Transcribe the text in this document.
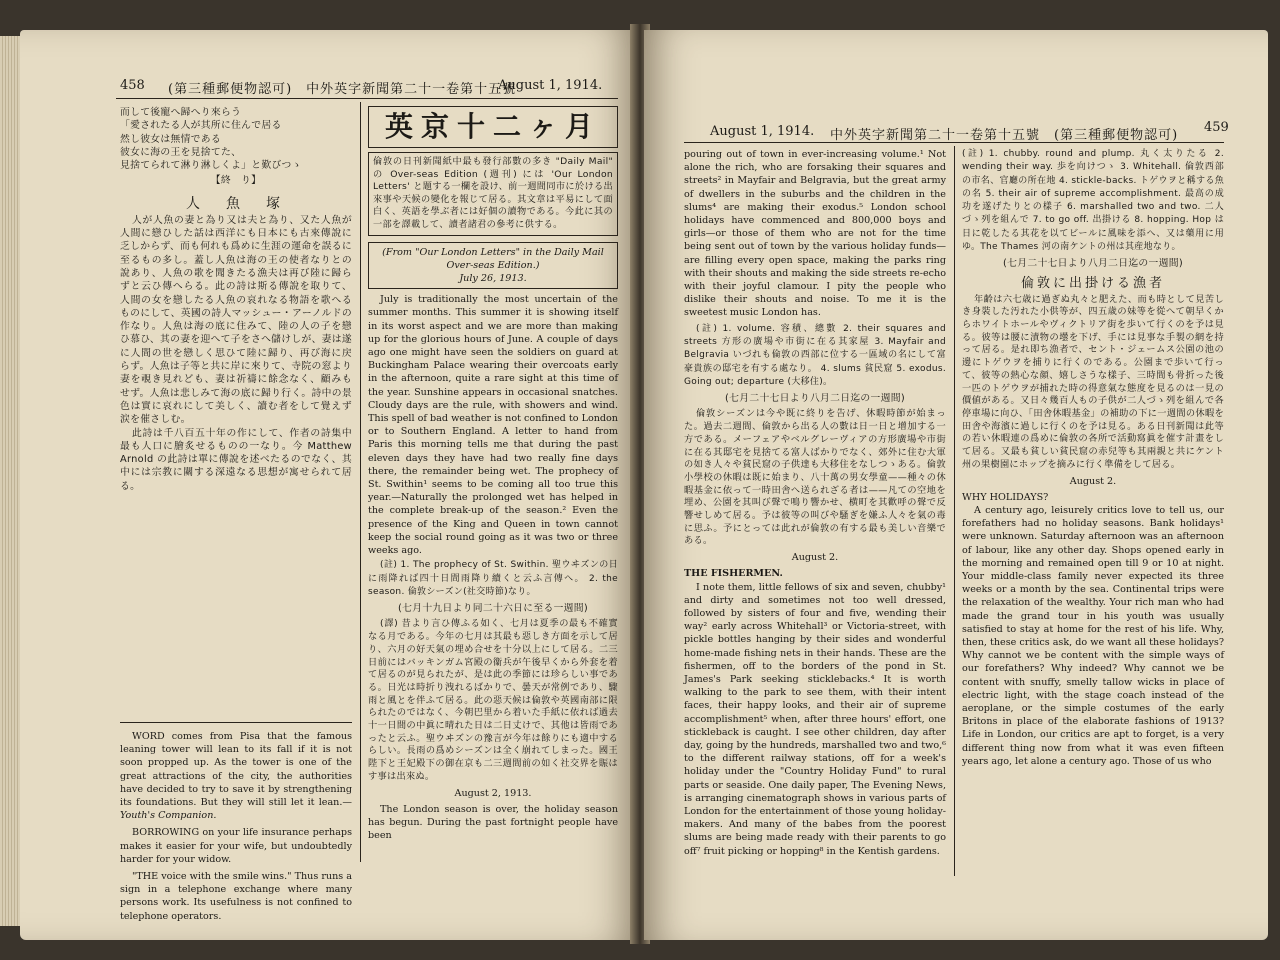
458 (第三種郵便物認可)　中外英字新聞第二十一卷第十五號
August 1, 1914.
而して後寵へ歸へり來らう
「愛されたる人が其所に住んで居る
然し彼女は無情である
彼女に海の王を見捨てた、
見捨てられて淋り淋しくよ」と歎びつゝ
【終　り】
人　魚　塚

人が人魚の妻と為り又は夫と為り、又た人魚が人間に戀ひした話は西洋にも日本にも古來傳說に乏しからず、而も何れも爲めに生涯の運命を誤るに至るもの多し。蓋し人魚は海の王の使者なりとの說あり、人魚の歌を聞きたる漁夫は再び陸に歸らずと云ひ傳へらる。此の詩は斯る傳說を取りて、人間の女を戀したる人魚の哀れなる物語を歌へるものにして、英國の詩人マッシュー・アーノルドの作なり。人魚は海の底に住みて、陸の人の子を戀ひ慕ひ、其の妻を迎へて子をさへ儲けしが、妻は遂に人間の世を戀しく思ひて陸に歸り、再び海に戻らず。人魚は子等と共に岸に來りて、寺院の窓より妻を覗き見れども、妻は祈禱に餘念なく、顧みもせず。人魚は悲しみて海の底に歸り行く。詩中の景色は實に哀れにして美しく、讀む者をして覺えず涙を催さしむ。

此詩は千八百五十年の作にして、作者の詩集中最も人口に膾炙せるものの一なり。今 Matthew Arnold の此詩は單に傳說を述べたるのでなく、其中には宗教に關する深遠なる思想が寓せられて居る。

WORD comes from Pisa that the famous leaning tower will lean to its fall if it is not soon propped up. As the tower is one of the great attractions of the city, the authorities have decided to try to save it by strengthening its foundations. But they will still let it lean.—Youth's Companion.

BORROWING on your life insurance perhaps makes it easier for your wife, but undoubtedly harder for your widow.

"THE voice with the smile wins." Thus runs a sign in a telephone exchange where many persons work. Its usefulness is not confined to telephone operators.

英京十二ヶ月
倫敦の日刊新聞紙中最も發行部數の多き "Daily Mail" の Over-seas Edition (週刊) には 'Our London Letters' と題する一欄を設け、前一週間同市に於ける出來事や天候の變化を報じて居る。其文章は平易にして面白く、英語を學ぶ者には好個の讀物である。今此に其の一部を譯載して、讀者諸君の參考に供する。
(From "Our London Letters" in the Daily Mail
Over-seas Edition.)
July 26, 1913.

July is traditionally the most uncertain of the summer months. This summer it is showing itself in its worst aspect and we are more than making up for the glorious hours of June. A couple of days ago one might have seen the soldiers on guard at Buckingham Palace wearing their overcoats early in the afternoon, quite a rare sight at this time of the year. Sunshine appears in occasional snatches. Cloudy days are the rule, with showers and wind. This spell of bad weather is not confined to London or to Southern England. A letter to hand from Paris this morning tells me that during the past eleven days they have had two really fine days there, the remainder being wet. The prophecy of St. Swithin¹ seems to be coming all too true this year.—Naturally the prolonged wet has helped in the complete break-up of the season.² Even the presence of the King and Queen in town cannot keep the social round going as it was two or three weeks ago.

(註) 1. The prophecy of St. Swithin. 聖ウヰズンの日に雨降れば四十日間雨降り續くと云ふ言傳へ。 2. the season. 倫敦シーズン(社交時節)なり。

(七月十九日より同二十六日に至る一週間)

(譯) 昔より言ひ傳ふる如く、七月は夏季の最も不確實なる月である。今年の七月は其最も惡しき方面を示して居り、六月の好天氣の埋め合せを十分以上にして居る。二三日前にはバッキンガム宮殿の衞兵が午後早くから外套を着て居るのが見られたが、是は此の季節には珍らしい事である。日光は時折り洩れるばかりで、曇天が常例であり、驟雨と風とを伴ふて居る。此の惡天候は倫敦や英國南部に限られたのではなく、今朝巴里から着いた手紙に依れば過去十一日間の中眞に晴れた日は二日丈けで、其他は皆雨であったと云ふ。聖ウヰズンの豫言が今年は餘りにも適中するらしい。長雨の爲めシーズンは全く崩れてしまった。國王陛下と王妃殿下の御在京も二三週間前の如く社交界を賑はす事は出來ぬ。

August 2, 1913.

The London season is over, the holiday season has begun. During the past fortnight people have been

August 1, 1914. 中外英字新聞第二十一卷第十五號　(第三種郵便物認可)
459

pouring out of town in ever-increasing volume.¹ Not alone the rich, who are forsaking their squares and streets² in Mayfair and Belgravia, but the great army of dwellers in the suburbs and the children in the slums⁴ are making their exodus.⁵ London school holidays have commenced and 800,000 boys and girls—or those of them who are not for the time being sent out of town by the various holiday funds—are filling every open space, making the parks ring with their shouts and making the side streets re-echo with their joyful clamour. I pity the people who dislike their shouts and noise. To me it is the sweetest music London has.

(註) 1. volume. 容積、總數 2. their squares and streets 方形の廣場や市街に在る其家屋 3. Mayfair and Belgravia いづれも倫敦の西部に位する一區域の名にして富豪貴族の邸宅を有する處なり。 4. slums 貧民窟 5. exodus. Going out; departure (大移住)。

(七月二十七日より八月二日迄の一週間)

倫敦シーズンは今や既に終りを告げ、休暇時節が始まった。過去二週間、倫敦から出る人の數は日一日と增加する一方である。メーフェアやベルグレーヴィアの方形廣場や市街に在る其邸宅を見捨てる富人ばかりでなく、郊外に住む大軍の如き人々や貧民窟の子供達も大移住をなしつゝある。倫敦小學校の休暇は既に始まり、八十萬の男女學童——種々の休暇基金に依って一時田舎へ送られざる者は——凡ての空地を埋め、公園を其叫び聲で鳴り響かせ、横町を其歡呼の聲で反響せしめて居る。予は彼等の叫びや騷ぎを嫌ふ人々を氣の毒に思ふ。予にとっては此れが倫敦の有する最も美しい音樂である。

August 2.
THE FISHERMEN.

I note them, little fellows of six and seven, chubby¹ and dirty and sometimes not too well dressed, followed by sisters of four and five, wending their way² early across Whitehall³ or Victoria-street, with pickle bottles hanging by their sides and wonderful home-made fishing nets in their hands. These are the fishermen, off to the borders of the pond in St. James's Park seeking sticklebacks.⁴ It is worth walking to the park to see them, with their intent faces, their happy looks, and their air of supreme accomplishment⁵ when, after three hours' effort, one stickleback is caught. I see other children, day after day, going by the hundreds, marshalled two and two,⁶ to the different railway stations, off for a week's holiday under the "Country Holiday Fund" to rural parts or seaside. One daily paper, The Evening News, is arranging cinematograph shows in various parts of London for the entertainment of those young holiday-makers. And many of the babes from the poorest slums are being made ready with their parents to go off⁷ fruit picking or hopping⁸ in the Kentish gardens.

(註) 1. chubby. round and plump. 丸く太りたる 2. wending their way. 歩を向けつゝ 3. Whitehall. 倫敦西部の市名、官廳の所在地 4. stickle-backs. トゲウヲと稱する魚の名 5. their air of supreme accomplishment. 最高の成功を遂げたりとの樣子 6. marshalled two and two. 二人づゝ列を組んで 7. to go off. 出掛ける 8. hopping. Hop は日に乾したる其花を以てビールに風味を添へ、又は藥用に用ゆ。The Thames 河の南ケントの州は其産地なり。

(七月二十七日より八月二日迄の一週間)
倫敦に出掛ける漁者

年齢は六七歳に過ぎぬ丸々と肥えた、而も時として見苦しき身裝した汚れた小供等が、四五歳の妹等を從へて朝早くからホワイトホールやヴィクトリア街を歩いて行くのを予は見る。彼等は腰に漬物の壜を下げ、手には見事な手製の網を持って居る。是れ即ち漁者で、セント・ジェームス公園の池の邊にトゲウヲを捕りに行くのである。公園まで歩いて行って、彼等の熱心な顔、嬉しさうな樣子、三時間も骨折った後一匹のトゲウヲが捕れた時の得意氣な態度を見るのは一見の價値がある。又日々幾百人もの子供が二人づゝ列を組んで各停車場に向ひ、「田舎休暇基金」の補助の下に一週間の休暇を田舎や海濱に過しに行くのを予は見る。ある日刊新聞は此等の若い休暇連の爲めに倫敦の各所で活動寫眞を催す計畫をして居る。又最も貧しい貧民窟の赤兒等も其兩親と共にケント州の果樹園にホップを摘みに行く準備をして居る。

August 2.
WHY HOLIDAYS?

A century ago, leisurely critics love to tell us, our forefathers had no holiday seasons. Bank holidays¹ were unknown. Saturday afternoon was an afternoon of labour, like any other day. Shops opened early in the morning and remained open till 9 or 10 at night. Your middle-class family never expected its three weeks or a month by the sea. Continental trips were the relaxation of the wealthy. Your rich man who had made the grand tour in his youth was usually satisfied to stay at home for the rest of his life. Why, then, these critics ask, do we want all these holidays? Why cannot we be content with the simple ways of our forefathers? Why indeed? Why cannot we be content with snuffy, smelly tallow wicks in place of electric light, with the stage coach instead of the aeroplane, or the simple costumes of the early Britons in place of the elaborate fashions of 1913? Life in London, our critics are apt to forget, is a very different thing now from what it was even fifteen years ago, let alone a century ago. Those of us who
